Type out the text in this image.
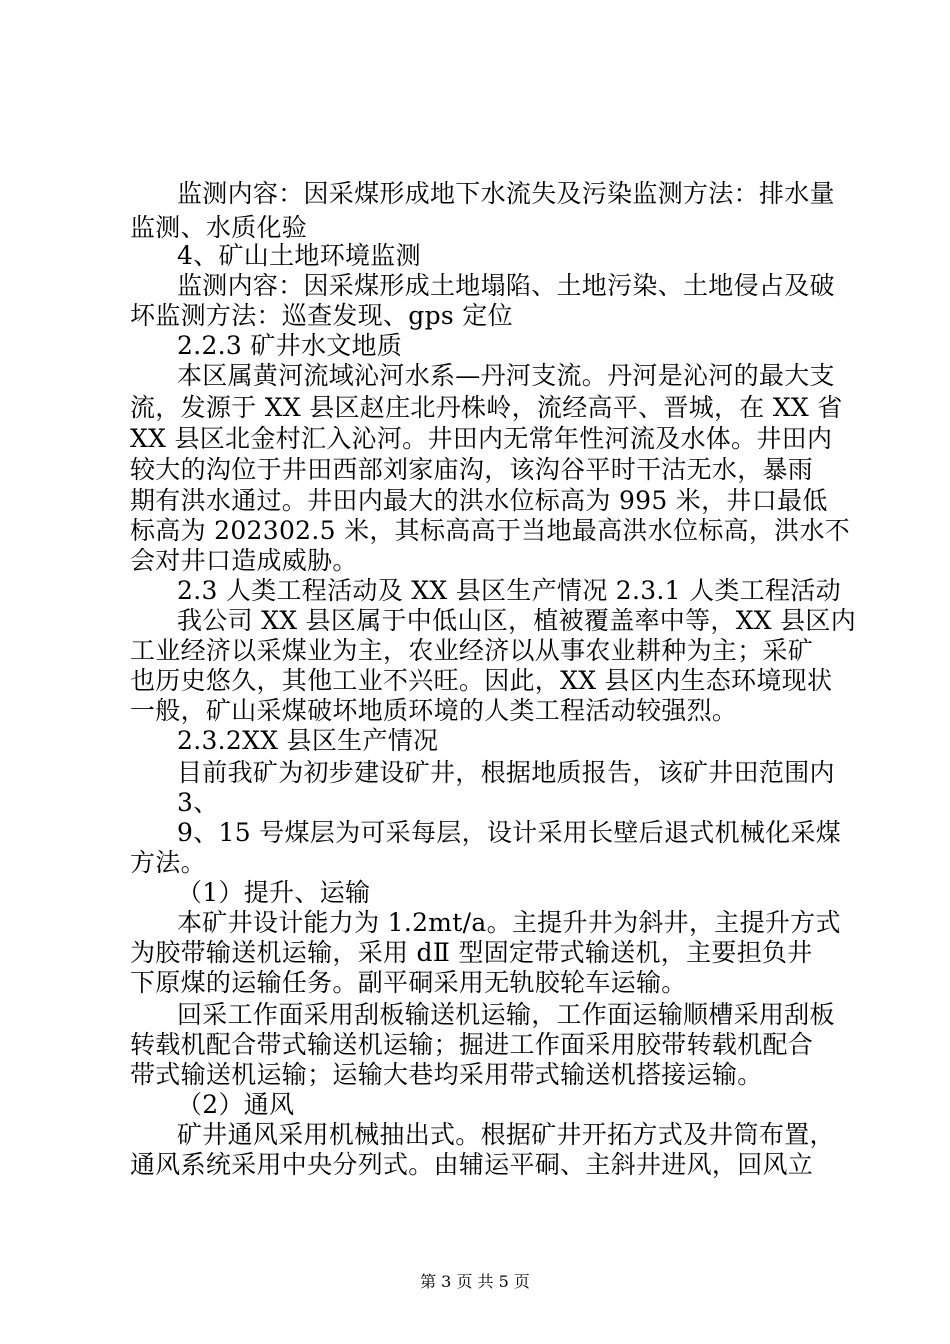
监测内容：因采煤形成地下水流失及污染监测方法：排水量
监测、水质化验
4、矿山土地环境监测
监测内容：因采煤形成土地塌陷、土地污染、土地侵占及破
坏监测方法：巡查发现、gps 定位
2.2.3 矿井水文地质
本区属黄河流域沁河水系—丹河支流。丹河是沁河的最大支
流，发源于 XX 县区赵庄北丹株岭，流经高平、晋城，在 XX 省
XX 县区北金村汇入沁河。井田内无常年性河流及水体。井田内
较大的沟位于井田西部刘家庙沟，该沟谷平时干沽无水，暴雨
期有洪水通过。井田内最大的洪水位标高为 995 米，井口最低
标高为 202302.5 米，其标高高于当地最高洪水位标高，洪水不
会对井口造成威胁。
2.3 人类工程活动及 XX 县区生产情况 2.3.1 人类工程活动
我公司 XX 县区属于中低山区，植被覆盖率中等，XX 县区内
工业经济以采煤业为主，农业经济以从事农业耕种为主；采矿
也历史悠久，其他工业不兴旺。因此，XX 县区内生态环境现状
一般，矿山采煤破坏地质环境的人类工程活动较强烈。
2.3.2XX 县区生产情况
目前我矿为初步建设矿井，根据地质报告，该矿井田范围内
3、
9、15 号煤层为可采每层，设计采用长壁后退式机械化采煤
方法。
（1）提升、运输
本矿井设计能力为 1.2mt/a。主提升井为斜井，主提升方式
为胶带输送机运输，采用 dⅡ 型固定带式输送机，主要担负井
下原煤的运输任务。副平硐采用无轨胶轮车运输。
回采工作面采用刮板输送机运输，工作面运输顺槽采用刮板
转载机配合带式输送机运输；掘进工作面采用胶带转载机配合
带式输送机运输；运输大巷均采用带式输送机搭接运输。
（2）通风
矿井通风采用机械抽出式。根据矿井开拓方式及井筒布置，
通风系统采用中央分列式。由辅运平硐、主斜井进风，回风立
第 3 页 共 5 页
